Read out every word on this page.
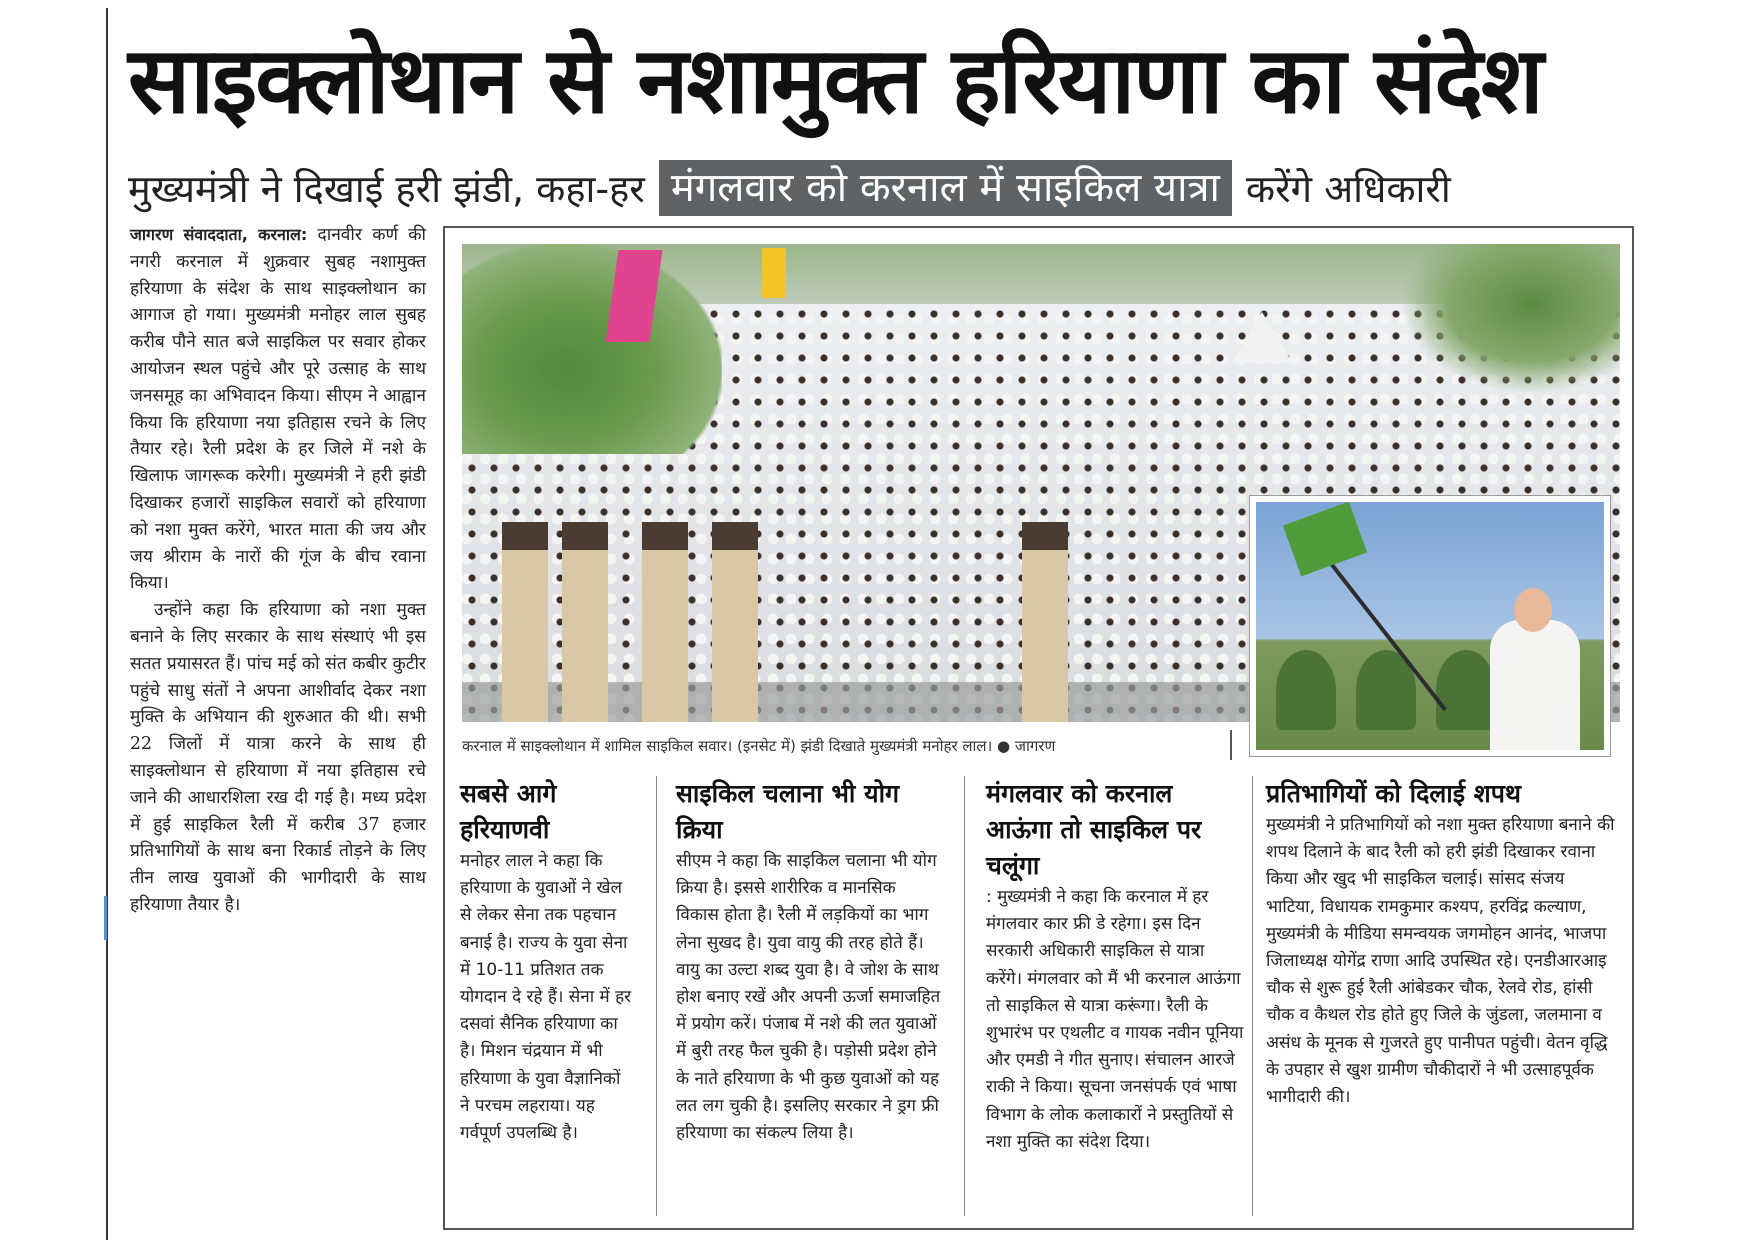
साइक्लोथान से नशामुक्त हरियाणा का संदेश
मुख्यमंत्री ने दिखाई हरी झंडी, कहा-हर मंगलवार को करनाल में साइकिल यात्रा करेंगे अधिकारी

जागरण संवाददाता, करनाल: दानवीर कर्ण की नगरी करनाल में शुक्रवार सुबह नशामुक्त हरियाणा के संदेश के साथ साइक्लोथान का आगाज हो गया। मुख्यमंत्री मनोहर लाल सुबह करीब पौने सात बजे साइकिल पर सवार होकर आयोजन स्थल पहुंचे और पूरे उत्साह के साथ जनसमूह का अभिवादन किया। सीएम ने आह्वान किया कि हरियाणा नया इतिहास रचने के लिए तैयार रहे। रैली प्रदेश के हर जिले में नशे के खिलाफ जागरूक करेगी। मुख्यमंत्री ने हरी झंडी दिखाकर हजारों साइकिल सवारों को हरियाणा को नशा मुक्त करेंगे, भारत माता की जय और जय श्रीराम के नारों की गूंज के बीच रवाना किया।

उन्होंने कहा कि हरियाणा को नशा मुक्त बनाने के लिए सरकार के साथ संस्थाएं भी इस सतत प्रयासरत हैं। पांच मई को संत कबीर कुटीर पहुंचे साधु संतों ने अपना आशीर्वाद देकर नशा मुक्ति के अभियान की शुरुआत की थी। सभी 22 जिलों में यात्रा करने के साथ ही साइक्लोथान से हरियाणा में नया इतिहास रचे जाने की आधारशिला रख दी गई है। मध्य प्रदेश में हुई साइकिल रैली में करीब 37 हजार प्रतिभागियों के साथ बना रिकार्ड तोड़ने के लिए तीन लाख युवाओं की भागीदारी के साथ हरियाणा तैयार है।

करनाल में साइक्लोथान में शामिल साइकिल सवार। (इनसेट में) झंडी दिखाते मुख्यमंत्री मनोहर लाल। ● जागरण
सबसे आगे हरियाणवी

मनोहर लाल ने कहा कि हरियाणा के युवाओं ने खेल से लेकर सेना तक पहचान बनाई है। राज्य के युवा सेना में 10-11 प्रतिशत तक योगदान दे रहे हैं। सेना में हर दसवां सैनिक हरियाणा का है। मिशन चंद्रयान में भी हरियाणा के युवा वैज्ञानिकों ने परचम लहराया। यह गर्वपूर्ण उपलब्धि है।

साइकिल चलाना भी योग क्रिया

सीएम ने कहा कि साइकिल चलाना भी योग क्रिया है। इससे शारीरिक व मानसिक विकास होता है। रैली में लड़कियों का भाग लेना सुखद है। युवा वायु की तरह होते हैं। वायु का उल्टा शब्द युवा है। वे जोश के साथ होश बनाए रखें और अपनी ऊर्जा समाजहित में प्रयोग करें। पंजाब में नशे की लत युवाओं में बुरी तरह फैल चुकी है। पड़ोसी प्रदेश होने के नाते हरियाणा के भी कुछ युवाओं को यह लत लग चुकी है। इसलिए सरकार ने ड्रग फ्री हरियाणा का संकल्प लिया है।

मंगलवार को करनाल आऊंगा तो साइकिल पर चलूंगा

: मुख्यमंत्री ने कहा कि करनाल में हर मंगलवार कार फ्री डे रहेगा। इस दिन सरकारी अधिकारी साइकिल से यात्रा करेंगे। मंगलवार को मैं भी करनाल आऊंगा तो साइकिल से यात्रा करूंगा। रैली के शुभारंभ पर एथलीट व गायक नवीन पूनिया और एमडी ने गीत सुनाए। संचालन आरजे राकी ने किया। सूचना जनसंपर्क एवं भाषा विभाग के लोक कलाकारों ने प्रस्तुतियों से नशा मुक्ति का संदेश दिया।

प्रतिभागियों को दिलाई शपथ

मुख्यमंत्री ने प्रतिभागियों को नशा मुक्त हरियाणा बनाने की शपथ दिलाने के बाद रैली को हरी झंडी दिखाकर रवाना किया और खुद भी साइकिल चलाई। सांसद संजय भाटिया, विधायक रामकुमार कश्यप, हरविंद्र कल्याण, मुख्यमंत्री के मीडिया समन्वयक जगमोहन आनंद, भाजपा जिलाध्यक्ष योगेंद्र राणा आदि उपस्थित रहे। एनडीआरआइ चौक से शुरू हुई रैली आंबेडकर चौक, रेलवे रोड, हांसी चौक व कैथल रोड होते हुए जिले के जुंडला, जलमाना व असंध के मूनक से गुजरते हुए पानीपत पहुंची। वेतन वृद्धि के उपहार से खुश ग्रामीण चौकीदारों ने भी उत्साहपूर्वक भागीदारी की।
